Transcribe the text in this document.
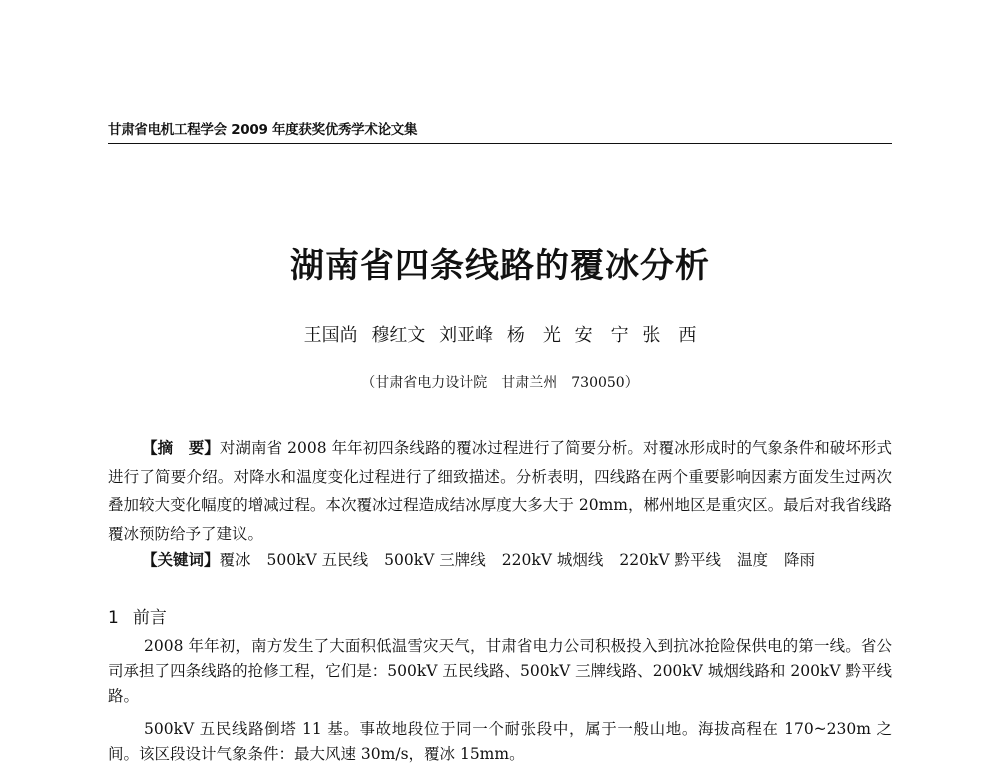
甘肃省电机工程学会 2009 年度获奖优秀学术论文集
湖南省四条线路的覆冰分析
王国尚 穆红文 刘亚峰 杨　光 安　宁 张　西
（甘肃省电力设计院　甘肃兰州　730050）
【摘　要】对湖南省 2008 年年初四条线路的覆冰过程进行了简要分析。对覆冰形成时的气象条件和破坏形式进行了简要介绍。对降水和温度变化过程进行了细致描述。分析表明，四线路在两个重要影响因素方面发生过两次叠加较大变化幅度的增减过程。本次覆冰过程造成结冰厚度大多大于 20mm，郴州地区是重灾区。最后对我省线路覆冰预防给予了建议。
【关键词】覆冰 500kV 五民线 500kV 三牌线 220kV 城烟线 220kV 黔平线 温度 降雨
1 前言
2008 年年初，南方发生了大面积低温雪灾天气，甘肃省电力公司积极投入到抗冰抢险保供电的第一线。省公司承担了四条线路的抢修工程，它们是：500kV 五民线路、500kV 三牌线路、200kV 城烟线路和 200kV 黔平线路。
500kV 五民线路倒塔 11 基。事故地段位于同一个耐张段中，属于一般山地。海拔高程在 170~230m 之间。该区段设计气象条件：最大风速 30m/s，覆冰 15mm。
